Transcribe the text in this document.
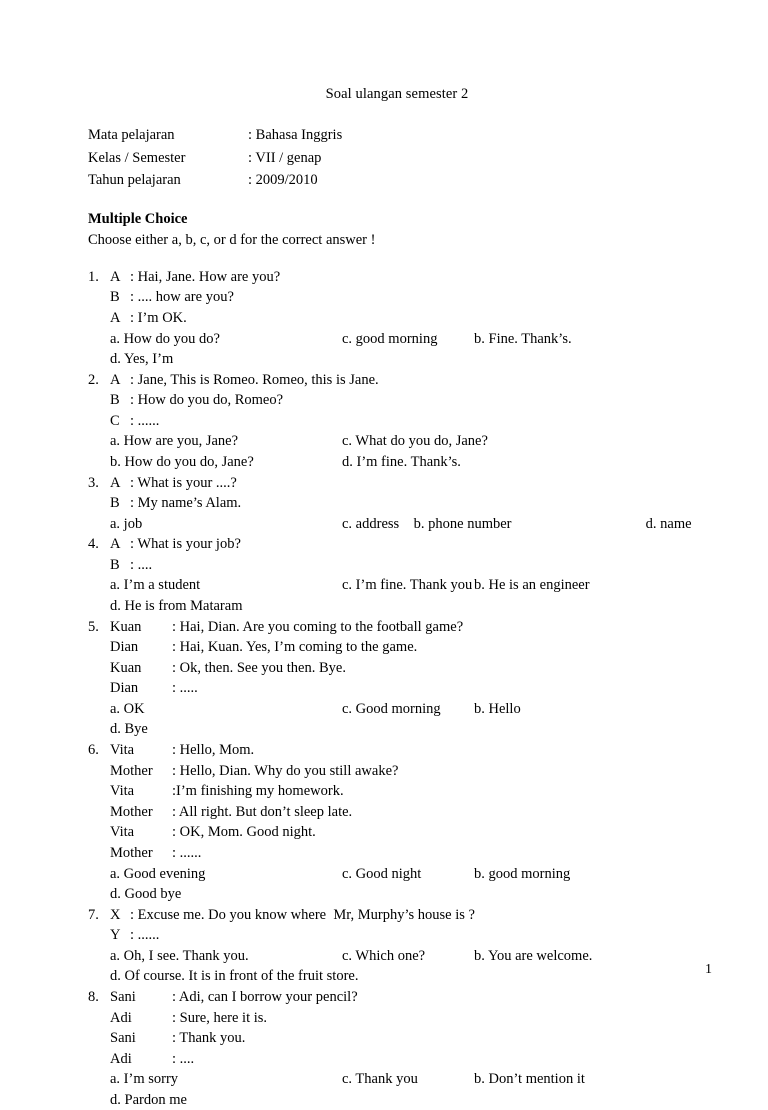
Soal ulangan semester 2
Mata pelajaran	: Bahasa Inggris
Kelas / Semester	: VII / genap
Tahun pelajaran	: 2009/2010
Multiple Choice
Choose either a, b, c, or d for the correct answer !
1. A : Hai, Jane. How are you?
B : .... how are you?
A : I’m OK.
a. How do you do?	c. good morning	b. Fine. Thank’s.
d. Yes, I’m
2. A : Jane, This is Romeo. Romeo, this is Jane.
B : How do you do, Romeo?
C : ......
a. How are you, Jane?	c. What do you do, Jane?
b. How do you do, Jane?	d. I’m fine. Thank’s.
3. A : What is your ....?
B : My name’s Alam.
a. job	c. address b. phone number	d. name
4. A : What is your job?
B : ....
a. I’m a student	c. I’m fine. Thank you b. He is an engineer
d. He is from Mataram
5. Kuan : Hai, Dian. Are you coming to the football game?
Dian : Hai, Kuan. Yes, I’m coming to the game.
Kuan : Ok, then. See you then. Bye.
Dian : .....
a. OK	c. Good morning	b. Hello
d. Bye
6. Vita	: Hello, Mom.
Mother : Hello, Dian. Why do you still awake?
Vita	:I’m finishing my homework.
Mother : All right. But don’t sleep late.
Vita	: OK, Mom. Good night.
Mother : ......
a. Good evening	c. Good night	b. good morning
d. Good bye
7. X : Excuse me. Do you know where  Mr, Murphy’s house is ?
Y : ......
a. Oh, I see. Thank you.	c. Which one?	b. You are welcome.
d. Of course. It is in front of the fruit store.
8. Sani : Adi, can I borrow your pencil?
Adi	: Sure, here it is.
Sani : Thank you.
Adi	: ....
a. I’m sorry	c. Thank you	b. Don’t mention it
d. Pardon me
1
